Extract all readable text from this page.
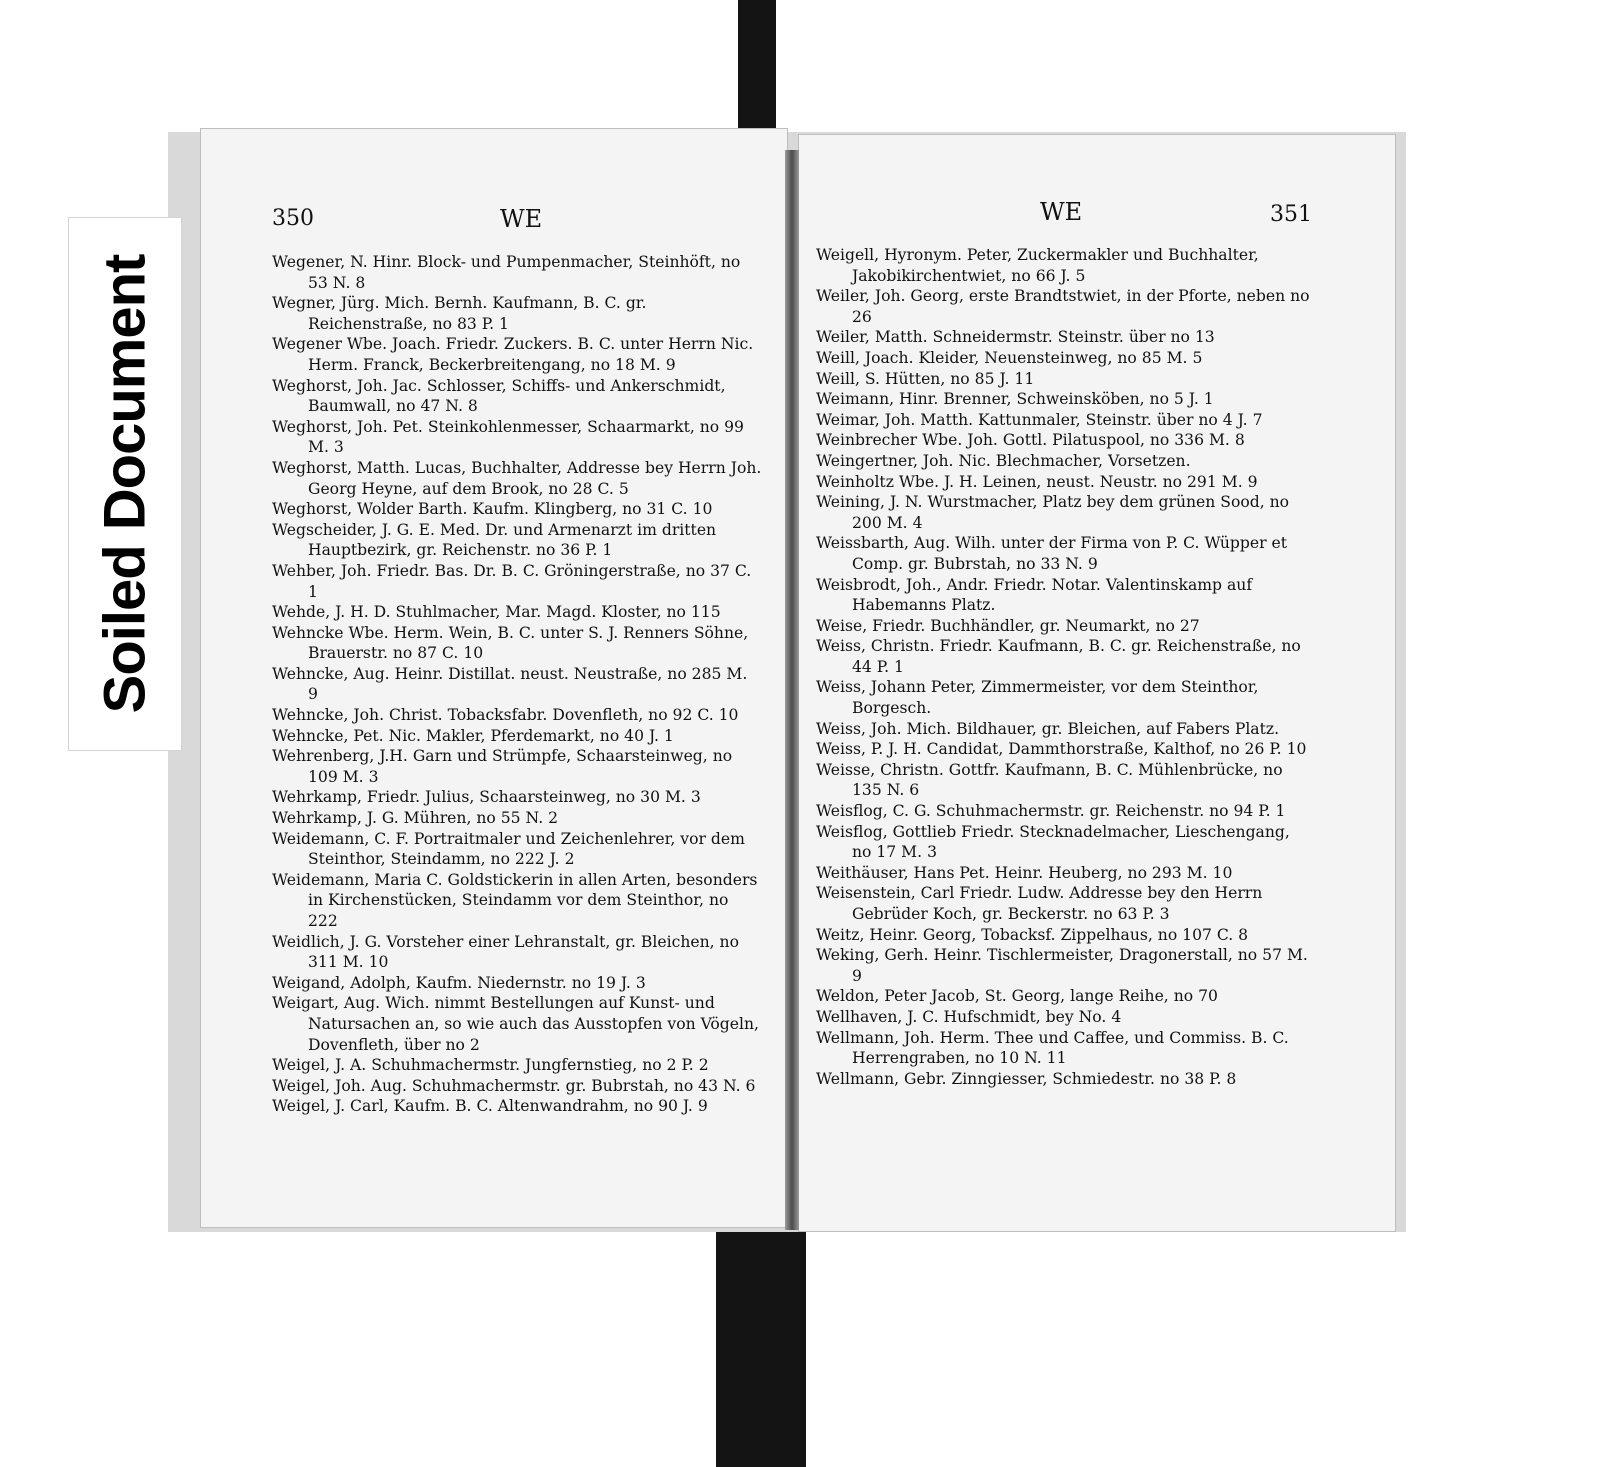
Soiled Document
350	WE	WE	351
Wegener, N. Hinr. Block- und Pumpenmacher, Steinhöft, no 53 N. 8
Wegner, Jürg. Mich. Bernh. Kaufmann, B. C. gr. Reichenstraße, no 83 P. 1
Wegener Wbe. Joach. Friedr. Zuckers. B. C. unter Herrn Nic. Herm. Franck, Beckerbreitengang, no 18 M. 9
Weghorst, Joh. Jac. Schlosser, Schiffs- und Ankerschmidt, Baumwall, no 47 N. 8
Weghorst, Joh. Pet. Steinkohlenmesser, Schaarmarkt, no 99 M. 3
Weghorst, Matth. Lucas, Buchhalter, Addresse bey Herrn Joh. Georg Heyne, auf dem Brook, no 28 C. 5
Weghorst, Wolder Barth. Kaufm. Klingberg, no 31 C. 10
Wegscheider, J. G. E. Med. Dr. und Armenarzt im dritten Hauptbezirk, gr. Reichenstr. no 36 P. 1
Wehber, Joh. Friedr. Bas. Dr. B. C. Gröningerstraße, no 37 C. 1
Wehde, J. H. D. Stuhlmacher, Mar. Magd. Kloster, no 115
Wehncke Wbe. Herm. Wein, B. C. unter S. J. Renners Söhne, Brauerstr. no 87 C. 10
Wehncke, Aug. Heinr. Distillat. neust. Neustraße, no 285 M. 9
Wehncke, Joh. Christ. Tobacksfabr. Dovenfleth, no 92 C. 10
Wehncke, Pet. Nic. Makler, Pferdemarkt, no 40 J. 1
Wehrenberg, J.H. Garn und Strümpfe, Schaarsteinweg, no 109 M. 3
Wehrkamp, Friedr. Julius, Schaarsteinweg, no 30 M. 3
Wehrkamp, J. G. Mühren, no 55 N. 2
Weidemann, C. F. Portraitmaler und Zeichenlehrer, vor dem Steinthor, Steindamm, no 222 J. 2
Weidemann, Maria C. Goldstickerin in allen Arten, besonders in Kirchenstücken, Steindamm vor dem Steinthor, no 222
Weidlich, J. G. Vorsteher einer Lehranstalt, gr. Bleichen, no 311 M. 10
Weigand, Adolph, Kaufm. Niedernstr. no 19 J. 3
Weigart, Aug. Wich. nimmt Bestellungen auf Kunst- und Natursachen an, so wie auch das Ausstopfen von Vögeln, Dovenfleth, über no 2
Weigel, J. A. Schuhmachermstr. Jungfernstieg, no 2 P. 2
Weigel, Joh. Aug. Schuhmachermstr. gr. Bubrstah, no 43 N. 6
Weigel, J. Carl, Kaufm. B. C. Altenwandrahm, no 90 J. 9
Weigell, Hyronym. Peter, Zuckermakler und Buchhalter, Jakobikirchentwiet, no 66 J. 5
Weiler, Joh. Georg, erste Brandtstwiet, in der Pforte, neben no 26
Weiler, Matth. Schneidermstr. Steinstr. über no 13
Weill, Joach. Kleider, Neuensteinweg, no 85 M. 5
Weill, S. Hütten, no 85 J. 11
Weimann, Hinr. Brenner, Schweinsköben, no 5 J. 1
Weimar, Joh. Matth. Kattunmaler, Steinstr. über no 4 J. 7
Weinbrecher Wbe. Joh. Gottl. Pilatuspool, no 336 M. 8
Weingertner, Joh. Nic. Blechmacher, Vorsetzen.
Weinholtz Wbe. J. H. Leinen, neust. Neustr. no 291 M. 9
Weining, J. N. Wurstmacher, Platz bey dem grünen Sood, no 200 M. 4
Weissbarth, Aug. Wilh. unter der Firma von P. C. Wüpper et Comp. gr. Bubrstah, no 33 N. 9
Weisbrodt, Joh., Andr. Friedr. Notar. Valentinskamp auf Habemanns Platz.
Weise, Friedr. Buchhändler, gr. Neumarkt, no 27
Weiss, Christn. Friedr. Kaufmann, B. C. gr. Reichenstraße, no 44 P. 1
Weiss, Johann Peter, Zimmermeister, vor dem Steinthor, Borgesch.
Weiss, Joh. Mich. Bildhauer, gr. Bleichen, auf Fabers Platz.
Weiss, P. J. H. Candidat, Dammthorstraße, Kalthof, no 26 P. 10
Weisse, Christn. Gottfr. Kaufmann, B. C. Mühlenbrücke, no 135 N. 6
Weisflog, C. G. Schuhmachermstr. gr. Reichenstr. no 94 P. 1
Weisflog, Gottlieb Friedr. Stecknadelmacher, Lieschengang, no 17 M. 3
Weithäuser, Hans Pet. Heinr. Heuberg, no 293 M. 10
Weisenstein, Carl Friedr. Ludw. Addresse bey den Herrn Gebrüder Koch, gr. Beckerstr. no 63 P. 3
Weitz, Heinr. Georg, Tobacksf. Zippelhaus, no 107 C. 8
Weking, Gerh. Heinr. Tischlermeister, Dragonerstall, no 57 M. 9
Weldon, Peter Jacob, St. Georg, lange Reihe, no 70
Wellhaven, J. C. Hufschmidt, bey No. 4
Wellmann, Joh. Herm. Thee und Caffee, und Commiss. B. C. Herrengraben, no 10 N. 11
Wellmann, Gebr. Zinngiesser, Schmiedestr. no 38 P. 8
